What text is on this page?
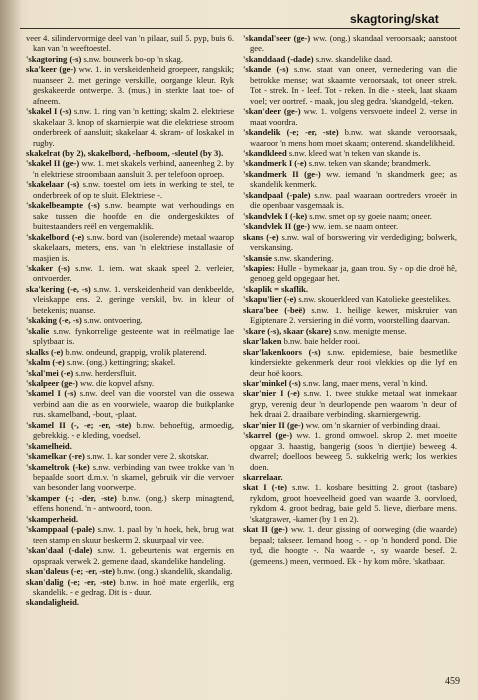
skagtoring/skat

veer 4. silindervormige deel van 'n pilaar, suil 5. pyp, buis 6. kan van 'n weeftoestel.

'skagtoring (-s) s.nw. bouwerk bo-op 'n skag.

ska'keer (ge-) ww. 1. in verskeidenheid groepeer, rangskik; nuanseer 2. met geringe verskille, oorgange kleur. Ryk geskakeerde ontwerpe. 3. (mus.) in sterkte laat toe- of afneem.

'skakel I (-s) s.nw. 1. ring van 'n ketting; skalm 2. elektriese skakelaar 3. knop of skarnierpie wat die elektriese stroom onderbreek of aansluit; skakelaar 4. skram- of loskakel in rugby.

skakelrat (by 2), skakelbord, -hefboom, -sleutel (by 3).

'skakel II (ge-) ww. 1. met skakels verbind, aaneenheg 2. by 'n elektriese stroombaan aansluit 3. per telefoon oproep.

'skakelaar (-s) s.nw. toestel om iets in werking te stel, te onderbreek of op te sluit. Elektriese -.

'skakelbeampte (-s) s.nw. beampte wat verhoudings en sake tussen die hoofde en die ondergeskiktes of buitestaanders reël en vergemaklik.

'skakelbord (-e) s.nw. bord van (isolerende) metaal waarop skakelaars, meters, ens. van 'n elektriese installasie of masjien is.

'skaker (-s) s.nw. 1. iem. wat skaak speel 2. verleier, ontvoerder.

ska'kering (-e, -s) s.nw. 1. verskeidenheid van denkbeelde, vleiskappe ens. 2. geringe verskil, bv. in kleur of betekenis; nuanse.

'skaking (-e, -s) s.nw. ontvoering.

'skalie s.nw. fynkorrelige gesteente wat in reëlmatige lae splytbaar is.

skalks (-e) b.nw. ondeund, grappig, vrolik platerend.

'skalm (-e) s.nw. (ong.) kettingring; skakel.

'skal'mei (-e) s.nw. herdersfluit.

'skalpeer (ge-) ww. die kopvel afsny.

'skamel I (-s) s.nw. deel van die voorstel van die ossewa verbind aan die as en voorwiele, waarop die buikplanke rus. skamelband, -bout, -plaat.

'skamel II (-, -e; -er, -ste) b.nw. behoeftig, armoedig, gebrekkig. - e kleding, voedsel.

'skamelheid.

'skamelkar (-re) s.nw. 1. kar sonder vere 2. skotskar.

'skameltrok (-ke) s.nw. verbinding van twee trokke van 'n bepaalde soort d.m.v. 'n skamel, gebruik vir die vervoer van besonder lang voorwerpe.

'skamper (-; -der, -ste) b.nw. (ong.) skerp minagtend, effens honend. 'n - antwoord, toon.

'skamperheid.

'skamppaal (-pale) s.nw. 1. paal by 'n hoek, hek, brug wat teen stamp en skuur beskerm 2. skuurpaal vir vee.

'skan'daal (-dale) s.nw. 1. gebeurtenis wat ergernis en opspraak verwek 2. gemene daad, skandelike handeling.

skan'daleus (-e; -er, -ste) b.nw. (ong.) skandelik, skandalig.

skan'dalig (-e; -er, -ste) b.nw. in hoë mate ergerlik, erg skandelik. - e gedrag. Dit is - duur.

skandaligheid.

'skandal'seer (ge-) ww. (ong.) skandaal veroorsaak; aanstoot gee.

'skanddaad (-dade) s.nw. skandelike daad.

'skande (-s) s.nw. staat van oneer, vernedering van die betrokke mense; wat skaamte veroorsaak, tot oneer strek. Tot - strek. In - leef. Tot - reken. In die - steek, laat skaam voel; ver oortref. - maak, jou sleg gedra. 'skandgeld, -teken.

'skan'deer (ge-) ww. 1. volgens versvoete indeel 2. verse in maat voordra.

'skandelik (-e; -er, -ste) b.nw. wat skande veroorsaak, waaroor 'n mens hom moet skaam; onterend. skandelikheid.

'skandkleed s.nw. kleed wat 'n teken van skande is.

'skandmerk I (-e) s.nw. teken van skande; brandmerk.

'skandmerk II (ge-) ww. iemand 'n skandmerk gee; as skandelik kenmerk.

'skandpaal (-pale) s.nw. paal waaraan oortreders vroeër in die openbaar vasgemaak is.

'skandvlek I (-ke) s.nw. smet op sy goeie naam; oneer.

'skandvlek II (ge-) ww. iem. se naam onteer.

skans (-e) s.nw. wal of borswering vir verdediging; bolwerk, verskansing.

'skansie s.nw. skandering.

'skapies: Hulle - bymekaar ja, gaan trou. Sy - op die droë hê, genoeg geld opgegaar het.

'skaplik = skaflik.

'skapu'lier (-e) s.nw. skouerkleed van Katolieke geestelikes.

skara'bee (-beë) s.nw. 1. heilige kewer, miskruier van Egiptenare 2. versiering in dié vorm, voorstelling daarvan.

'skare (-s), skaar (skare) s.nw. menigte mense.

skar'laken b.nw. baie helder rooi.

skar'lakenkoors (-s) s.nw. epidemiese, baie besmetlike kindersiekte gekenmerk deur rooi vlekkies op die lyf en deur hoë koors.

skar'minkel (-s) s.nw. lang, maer mens, veral 'n kind.

skar'nier I (-e) s.nw. 1. twee stukke metaal wat inmekaar gryp, verenig deur 'n deurlopende pen waarom 'n deur of hek draai 2. draaibare verbinding. skarniergewrig.

skar'nier II (ge-) ww. om 'n skarnier of verbinding draai.

'skarrel (ge-) ww. 1. grond omwoel. skrop 2. met moeite opgaar 3. haastig, bangerig (soos 'n diertjie) beweeg 4. dwarrel; doelloos beweeg 5. sukkelrig werk; los werkies doen.

skarrelaar.

skat I (-te) s.nw. 1. kosbare besitting 2. groot (tasbare) rykdom, groot hoeveelheid goed van waarde 3. oorvloed, rykdom 4. groot bedrag, baie geld 5. lieve, dierbare mens. 'skatgrawer, -kamer (by 1 en 2).

skat II (ge-) ww. 1. deur gissing of oorweging (die waarde) bepaal; takseer. Iemand hoog -. - op 'n honderd pond. Die tyd, die hoogte -. Na waarde -, sy waarde besef. 2. (gemeens.) meen, vermoed. Ek - hy kom môre. 'skatbaar.

459
